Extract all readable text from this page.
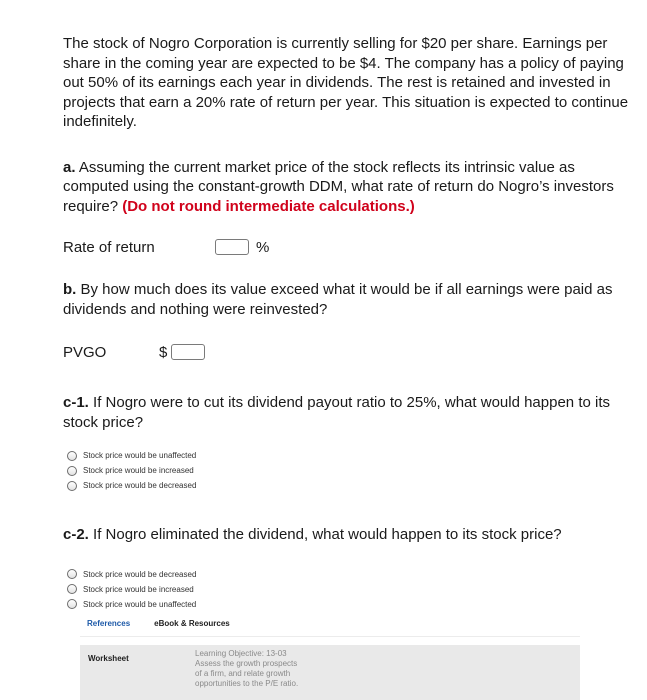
The stock of Nogro Corporation is currently selling for $20 per share. Earnings per share in the coming year are expected to be $4. The company has a policy of paying out 50% of its earnings each year in dividends. The rest is retained and invested in projects that earn a 20% rate of return per year. This situation is expected to continue indefinitely.

a. Assuming the current market price of the stock reflects its intrinsic value as computed using the constant-growth DDM, what rate of return do Nogro’s investors require? (Do not round intermediate calculations.)
Rate of return	%
b. By how much does its value exceed what it would be if all earnings were paid as dividends and nothing were reinvested?
PVGO	$
c-1. If Nogro were to cut its dividend payout ratio to 25%, what would happen to its stock price?
Stock price would be unaffected
Stock price would be increased
Stock price would be decreased
c-2. If Nogro eliminated the dividend, what would happen to its stock price?
Stock price would be decreased
Stock price would be increased
Stock price would be unaffected
References	eBook & Resources
Worksheet
Learning Objective: 13-03
Assess the growth prospects
of a firm, and relate growth
opportunities to the P/E ratio.
